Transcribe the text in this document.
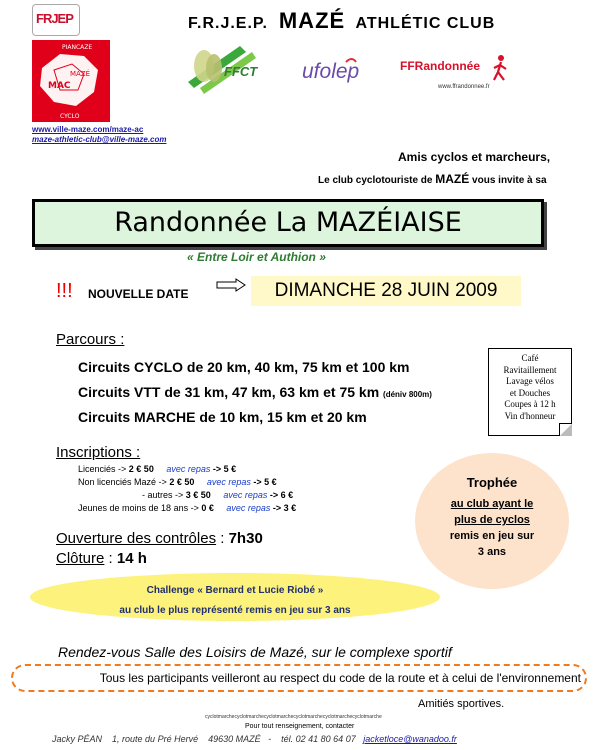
FRJEP
PIANCAZE
MAC
MAZÉ
CYCLO
FFCT ufolep	FFRandonnée
www.ffrandonnee.fr
F.R.J.E.P. MAZÉ ATHLÉTIC CLUB
www.ville-maze.com/maze-ac
maze-athletic-club@ville-maze.com
Amis cyclos et marcheurs,
Le club cyclotouriste de MAZÉ vous invite à sa
Randonnée La MAZÉIAISE
« Entre Loir et Authion »
!!! NOUVELLE DATE	DIMANCHE 28 JUIN 2009
Parcours :
Circuits CYCLO de 20 km, 40 km, 75 km et 100 km
Circuits VTT de 31 km, 47 km, 63 km et 75 km (déniv 800m)
Circuits MARCHE de 10 km, 15 km et 20 km
Café
Ravitaillement
Lavage vélos
et Douches
Coupes à 12 h
Vin d'honneur
Inscriptions :
Licenciés -> 2 € 50 avec repas -> 5 €
Non licenciés Mazé -> 2 € 50 avec repas -> 5 €
- autres -> 3 € 50 avec repas -> 6 €
Jeunes de moins de 18 ans -> 0 € avec repas -> 3 €
Ouverture des contrôles : 7h30
Clôture : 14 h
Trophée
au club ayant le
plus de cyclos
remis en jeu sur
3 ans
Challenge « Bernard et Lucie Riobé »
au club le plus représenté remis en jeu sur 3 ans
Rendez-vous Salle des Loisirs de Mazé, sur le complexe sportif
Tous les participants veilleront au respect du code de la route et à celui de l'environnement
Amitiés sportives.
cyclotmarchecyclotmarchecyclotmarchecyclotmarchecyclotmarchecyclotmarche
Pour tout renseignement, contacter
Jacky PÉAN 1, route du Pré Hervé 49630 MAZÉ   -    tél. 02 41 80 64 07 jacketloce@wanadoo.fr
